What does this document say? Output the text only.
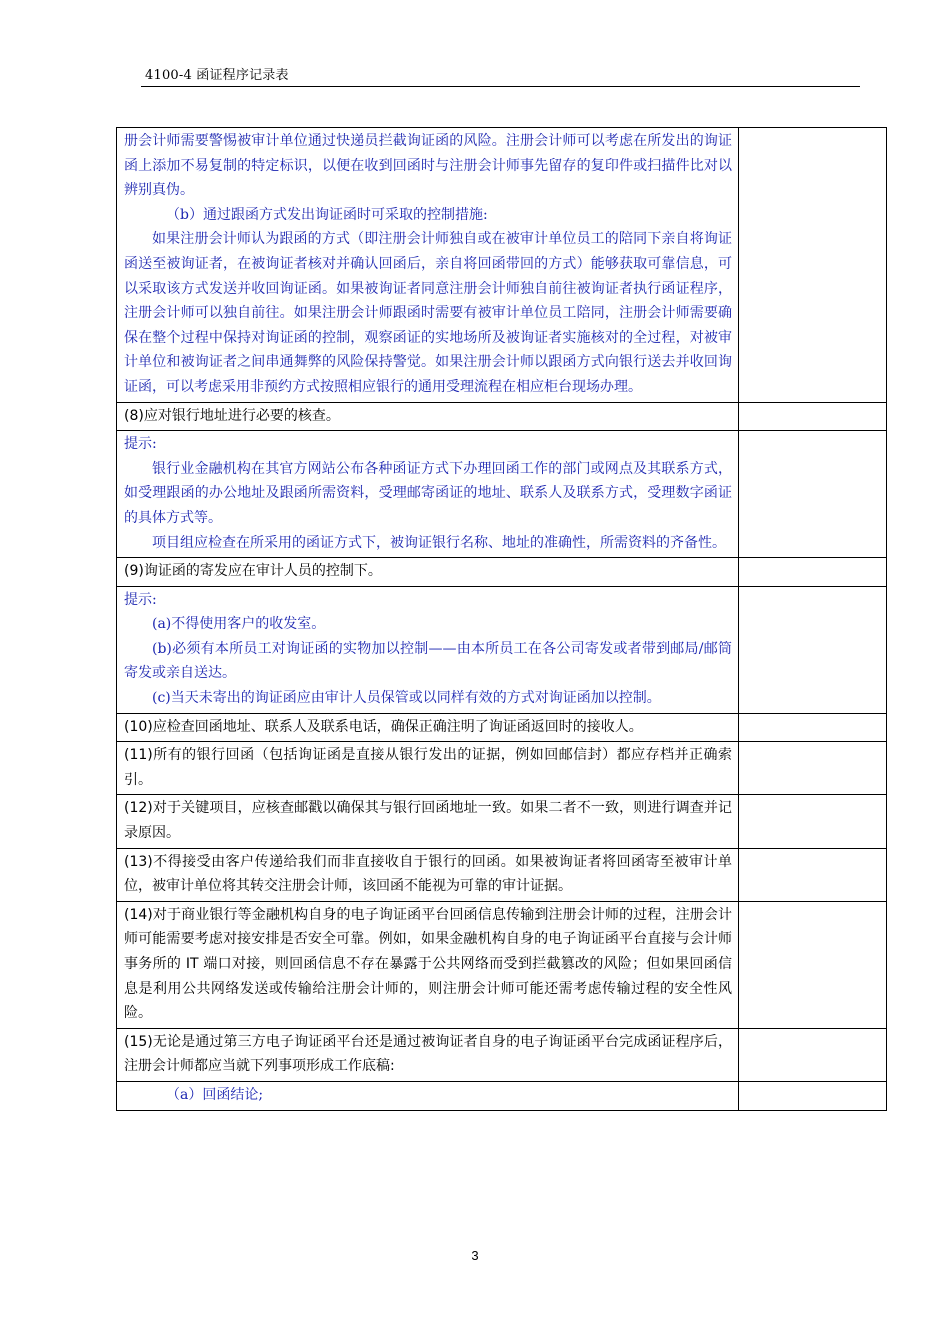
4100-4 函证程序记录表

册会计师需要警惕被审计单位通过快递员拦截询证函的风险。注册会计师可以考虑在所发出的询证函上添加不易复制的特定标识，以便在收到回函时与注册会计师事先留存的复印件或扫描件比对以辨别真伪。

（b）通过跟函方式发出询证函时可采取的控制措施:

如果注册会计师认为跟函的方式（即注册会计师独自或在被审计单位员工的陪同下亲自将询证函送至被询证者，在被询证者核对并确认回函后，亲自将回函带回的方式）能够获取可靠信息，可以采取该方式发送并收回询证函。如果被询证者同意注册会计师独自前往被询证者执行函证程序，注册会计师可以独自前往。如果注册会计师跟函时需要有被审计单位员工陪同，注册会计师需要确保在整个过程中保持对询证函的控制，观察函证的实地场所及被询证者实施核对的全过程，对被审计单位和被询证者之间串通舞弊的风险保持警觉。如果注册会计师以跟函方式向银行送去并收回询证函，可以考虑采用非预约方式按照相应银行的通用受理流程在相应柜台现场办理。	

(8)应对银行地址进行必要的核查。	

提示:

银行业金融机构在其官方网站公布各种函证方式下办理回函工作的部门或网点及其联系方式，如受理跟函的办公地址及跟函所需资料，受理邮寄函证的地址、联系人及联系方式，受理数字函证的具体方式等。

项目组应检查在所采用的函证方式下，被询证银行名称、地址的准确性，所需资料的齐备性。	

(9)询证函的寄发应在审计人员的控制下。	

提示:

(a)不得使用客户的收发室。

(b)必须有本所员工对询证函的实物加以控制——由本所员工在各公司寄发或者带到邮局/邮筒寄发或亲自送达。

(c)当天未寄出的询证函应由审计人员保管或以同样有效的方式对询证函加以控制。	

(10)应检查回函地址、联系人及联系电话，确保正确注明了询证函返回时的接收人。	

(11)所有的银行回函（包括询证函是直接从银行发出的证据，例如回邮信封）都应存档并正确索引。	

(12)对于关键项目，应核查邮戳以确保其与银行回函地址一致。如果二者不一致，则进行调查并记录原因。	

(13)不得接受由客户传递给我们而非直接收自于银行的回函。如果被询证者将回函寄至被审计单位，被审计单位将其转交注册会计师，该回函不能视为可靠的审计证据。	

(14)对于商业银行等金融机构自身的电子询证函平台回函信息传输到注册会计师的过程，注册会计师可能需要考虑对接安排是否安全可靠。例如，如果金融机构自身的电子询证函平台直接与会计师事务所的 IT 端口对接，则回函信息不存在暴露于公共网络而受到拦截篡改的风险；但如果回函信息是利用公共网络发送或传输给注册会计师的，则注册会计师可能还需考虑传输过程的安全性风险。	

(15)无论是通过第三方电子询证函平台还是通过被询证者自身的电子询证函平台完成函证程序后，注册会计师都应当就下列事项形成工作底稿:	

（a）回函结论;	

3
